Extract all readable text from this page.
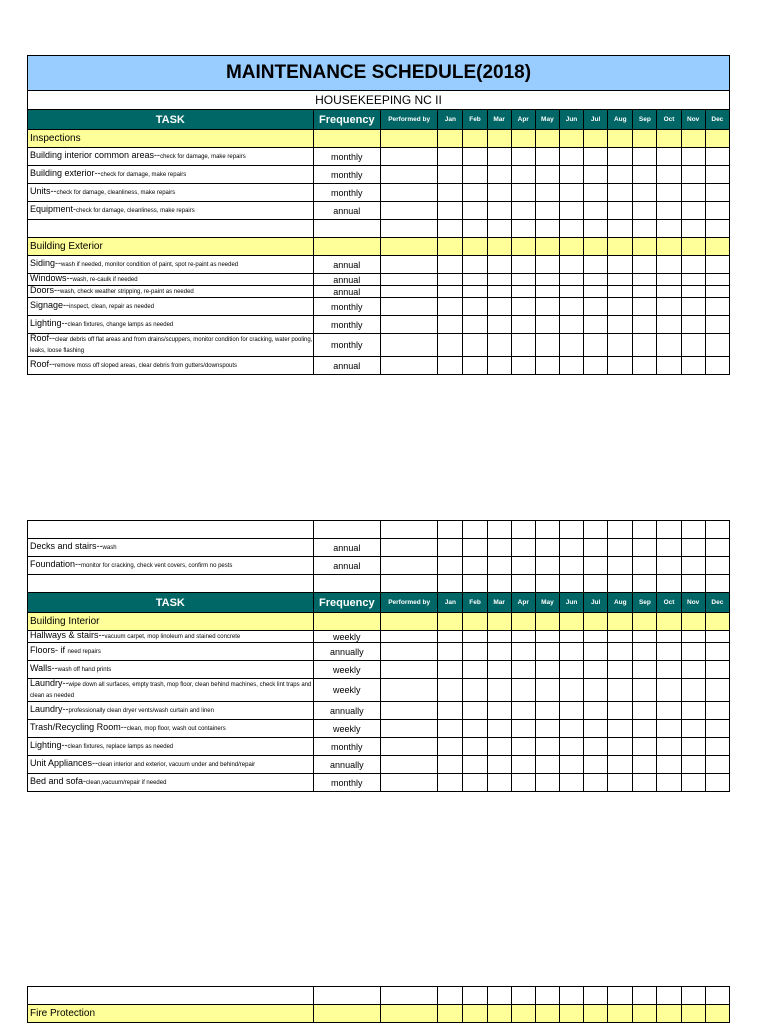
MAINTENANCE SCHEDULE(2018)														
HOUSEKEEPING NC II														
TASK	Frequency	Performed by	Jan	Feb	Mar	Apr	May	Jun	Jul	Aug	Sep	Oct	Nov	Dec
Inspections														
Building interior common areas--check for damage, make repairs	monthly													
Building exterior--check for damage, make repairs	monthly													
Units--check for damage, cleanliness, make repairs	monthly													
Equipment-check for damage, cleanliness, make repairs	annual													

Building Exterior														
Siding--wash if needed, monitor condition of paint, spot re-paint as needed	annual													
Windows--wash, re-caulk if needed	annual													
Doors--wash, check weather stripping, re-paint as needed	annual													
Signage--inspect, clean, repair as needed	monthly													
Lighting--clean fixtures, change lamps as needed	monthly													
Roof--clear debris off flat areas and from drains/scuppers, monitor condition for cracking, water pooling, leaks, loose flashing	monthly													
Roof--remove moss off sloped areas, clear debris from gutters/downspouts	annual													

Decks and stairs--wash	annual													
Foundation--monitor for cracking, check vent covers, confirm no pests	annual													

TASK	Frequency	Performed by	Jan	Feb	Mar	Apr	May	Jun	Jul	Aug	Sep	Oct	Nov	Dec
Building Interior														
Hallways & stairs--vacuum carpet, mop linoleum and stained concrete	weekly													
Floors- if need repairs	annually													
Walls--wash off hand prints	weekly													
Laundry--wipe down all surfaces, empty trash, mop floor, clean behind machines, check lint traps and clean as needed	weekly													
Laundry--professionally clean dryer vents/wash curtain and linen	annually													
Trash/Recycling Room--clean, mop floor, wash out containers	weekly													
Lighting--clean fixtures, replace lamps as needed	monthly													
Unit Appliances--clean interior and exterior, vacuum under and behind/repair	annually													
Bed and sofa-clean,vacuum/repair if needed	monthly													

Fire Protection														
